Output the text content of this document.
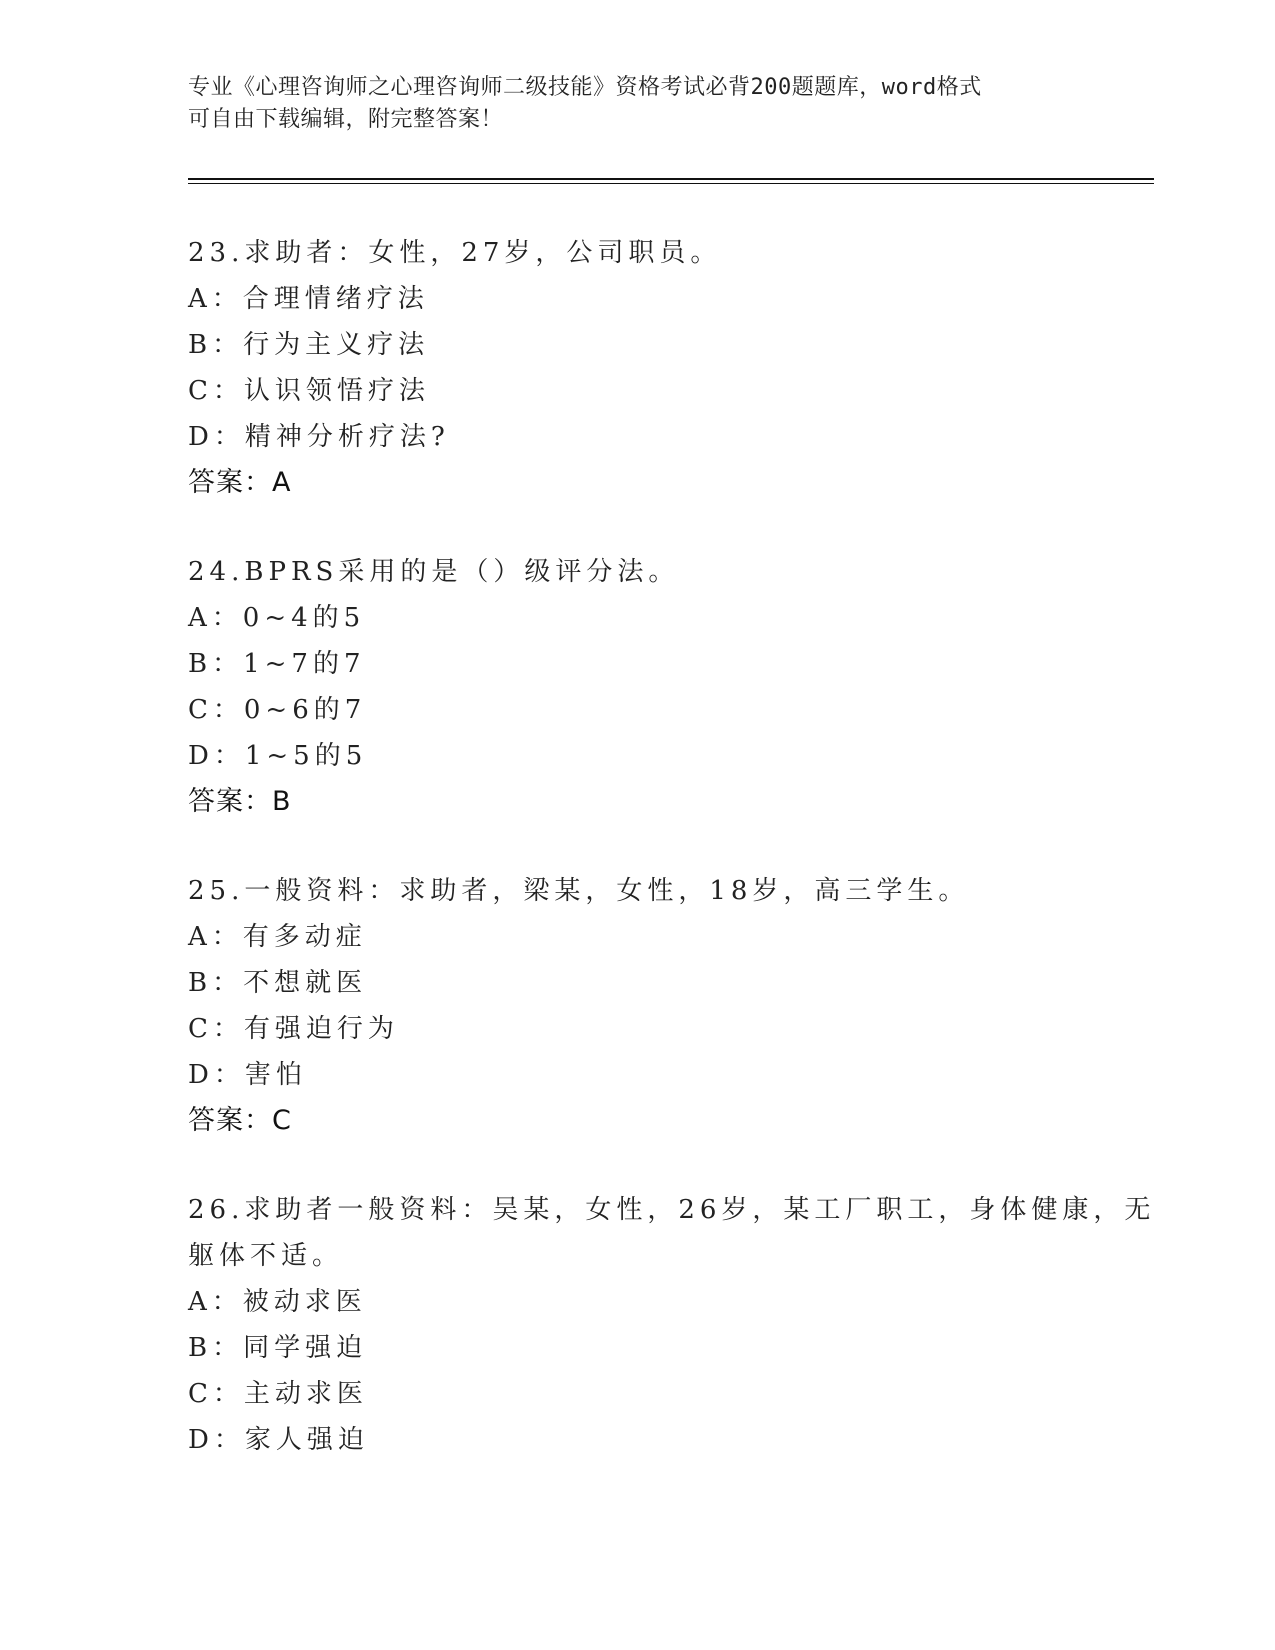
专业《心理咨询师之心理咨询师二级技能》资格考试必背200题题库，word格式
可自由下载编辑，附完整答案！
23.求助者：女性，27岁，公司职员。
A：合理情绪疗法
B：行为主义疗法
C：认识领悟疗法
D：精神分析疗法?
答案：A
24.BPRS采用的是（）级评分法。
A：0~4的5
B：1~7的7
C：0~6的7
D：1~5的5
答案：B
25.一般资料：求助者，梁某，女性，18岁，高三学生。
A：有多动症
B：不想就医
C：有强迫行为
D：害怕
答案：C
26.求助者一般资料：吴某，女性，26岁，某工厂职工，身体健康，无
躯体不适。
A：被动求医
B：同学强迫
C：主动求医
D：家人强迫
